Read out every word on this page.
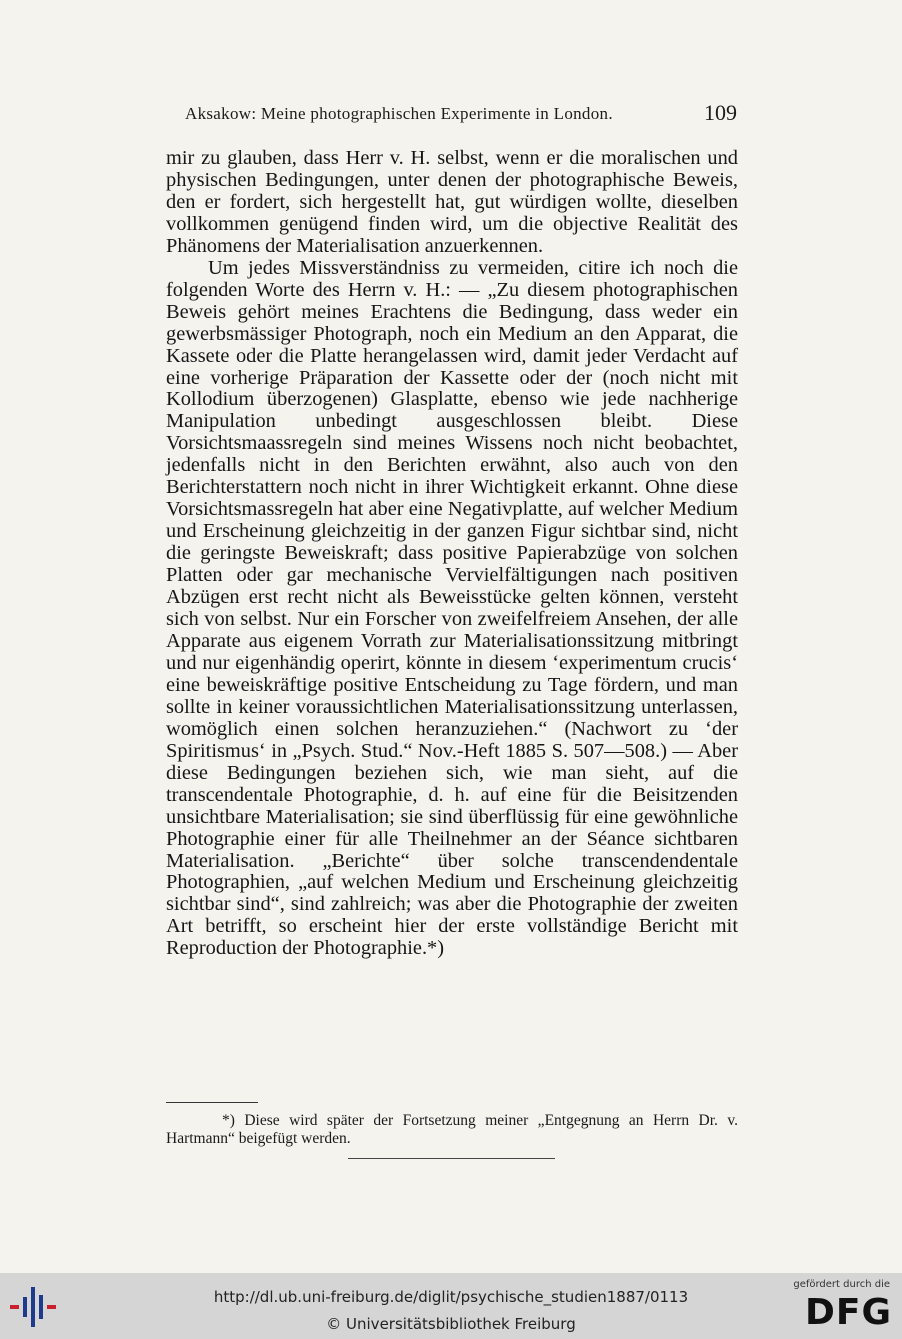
Aksakow: Meine photographischen Experimente in London.	109

mir zu glauben, dass Herr v. H. selbst, wenn er die moralischen und physischen Bedingungen, unter denen der photographische Beweis, den er fordert, sich hergestellt hat, gut würdigen wollte, dieselben vollkommen genügend finden wird, um die objective Realität des Phänomens der Materialisation anzuerkennen.

Um jedes Missverständniss zu vermeiden, citire ich noch die folgenden Worte des Herrn v. H.: — „Zu diesem photographischen Beweis gehört meines Erachtens die Bedingung, dass weder ein gewerbsmässiger Photograph, noch ein Medium an den Apparat, die Kassete oder die Platte herangelassen wird, damit jeder Verdacht auf eine vorherige Präparation der Kassette oder der (noch nicht mit Kollodium überzogenen) Glasplatte, ebenso wie jede nachherige Manipulation unbedingt ausgeschlossen bleibt. Diese Vorsichtsmaassregeln sind meines Wissens noch nicht beobachtet, jedenfalls nicht in den Berichten erwähnt, also auch von den Berichterstattern noch nicht in ihrer Wichtigkeit erkannt. Ohne diese Vorsichtsmassregeln hat aber eine Negativplatte, auf welcher Medium und Erscheinung gleichzeitig in der ganzen Figur sichtbar sind, nicht die geringste Beweiskraft; dass positive Papierabzüge von solchen Platten oder gar mechanische Vervielfältigungen nach positiven Abzügen erst recht nicht als Beweisstücke gelten können, versteht sich von selbst. Nur ein Forscher von zweifelfreiem Ansehen, der alle Apparate aus eigenem Vorrath zur Materialisationssitzung mitbringt und nur eigenhändig operirt, könnte in diesem ‘experimentum crucis‘ eine beweiskräftige positive Entscheidung zu Tage fördern, und man sollte in keiner voraussichtlichen Materialisationssitzung unterlassen, womöglich einen solchen heranzuziehen.“ (Nachwort zu ‘der Spiritismus‘ in „Psych. Stud.“ Nov.-Heft 1885 S. 507—508.) — Aber diese Bedingungen beziehen sich, wie man sieht, auf die transcendentale Photographie, d. h. auf eine für die Beisitzenden unsichtbare Materialisation; sie sind überflüssig für eine gewöhnliche Photographie einer für alle Theilnehmer an der Séance sichtbaren Materialisation. „Berichte“ über solche transcendendentale Photographien, „auf welchen Medium und Erscheinung gleichzeitig sichtbar sind“, sind zahlreich; was aber die Photographie der zweiten Art betrifft, so erscheint hier der erste vollständige Bericht mit Reproduction der Photographie.*)

*) Diese wird später der Fortsetzung meiner „Entgegnung an Herrn Dr. v. Hartmann“ beigefügt werden.

http://dl.ub.uni-freiburg.de/diglit/psychische_studien1887/0113
© Universitätsbibliothek Freiburg
gefördert durch die
DFG
